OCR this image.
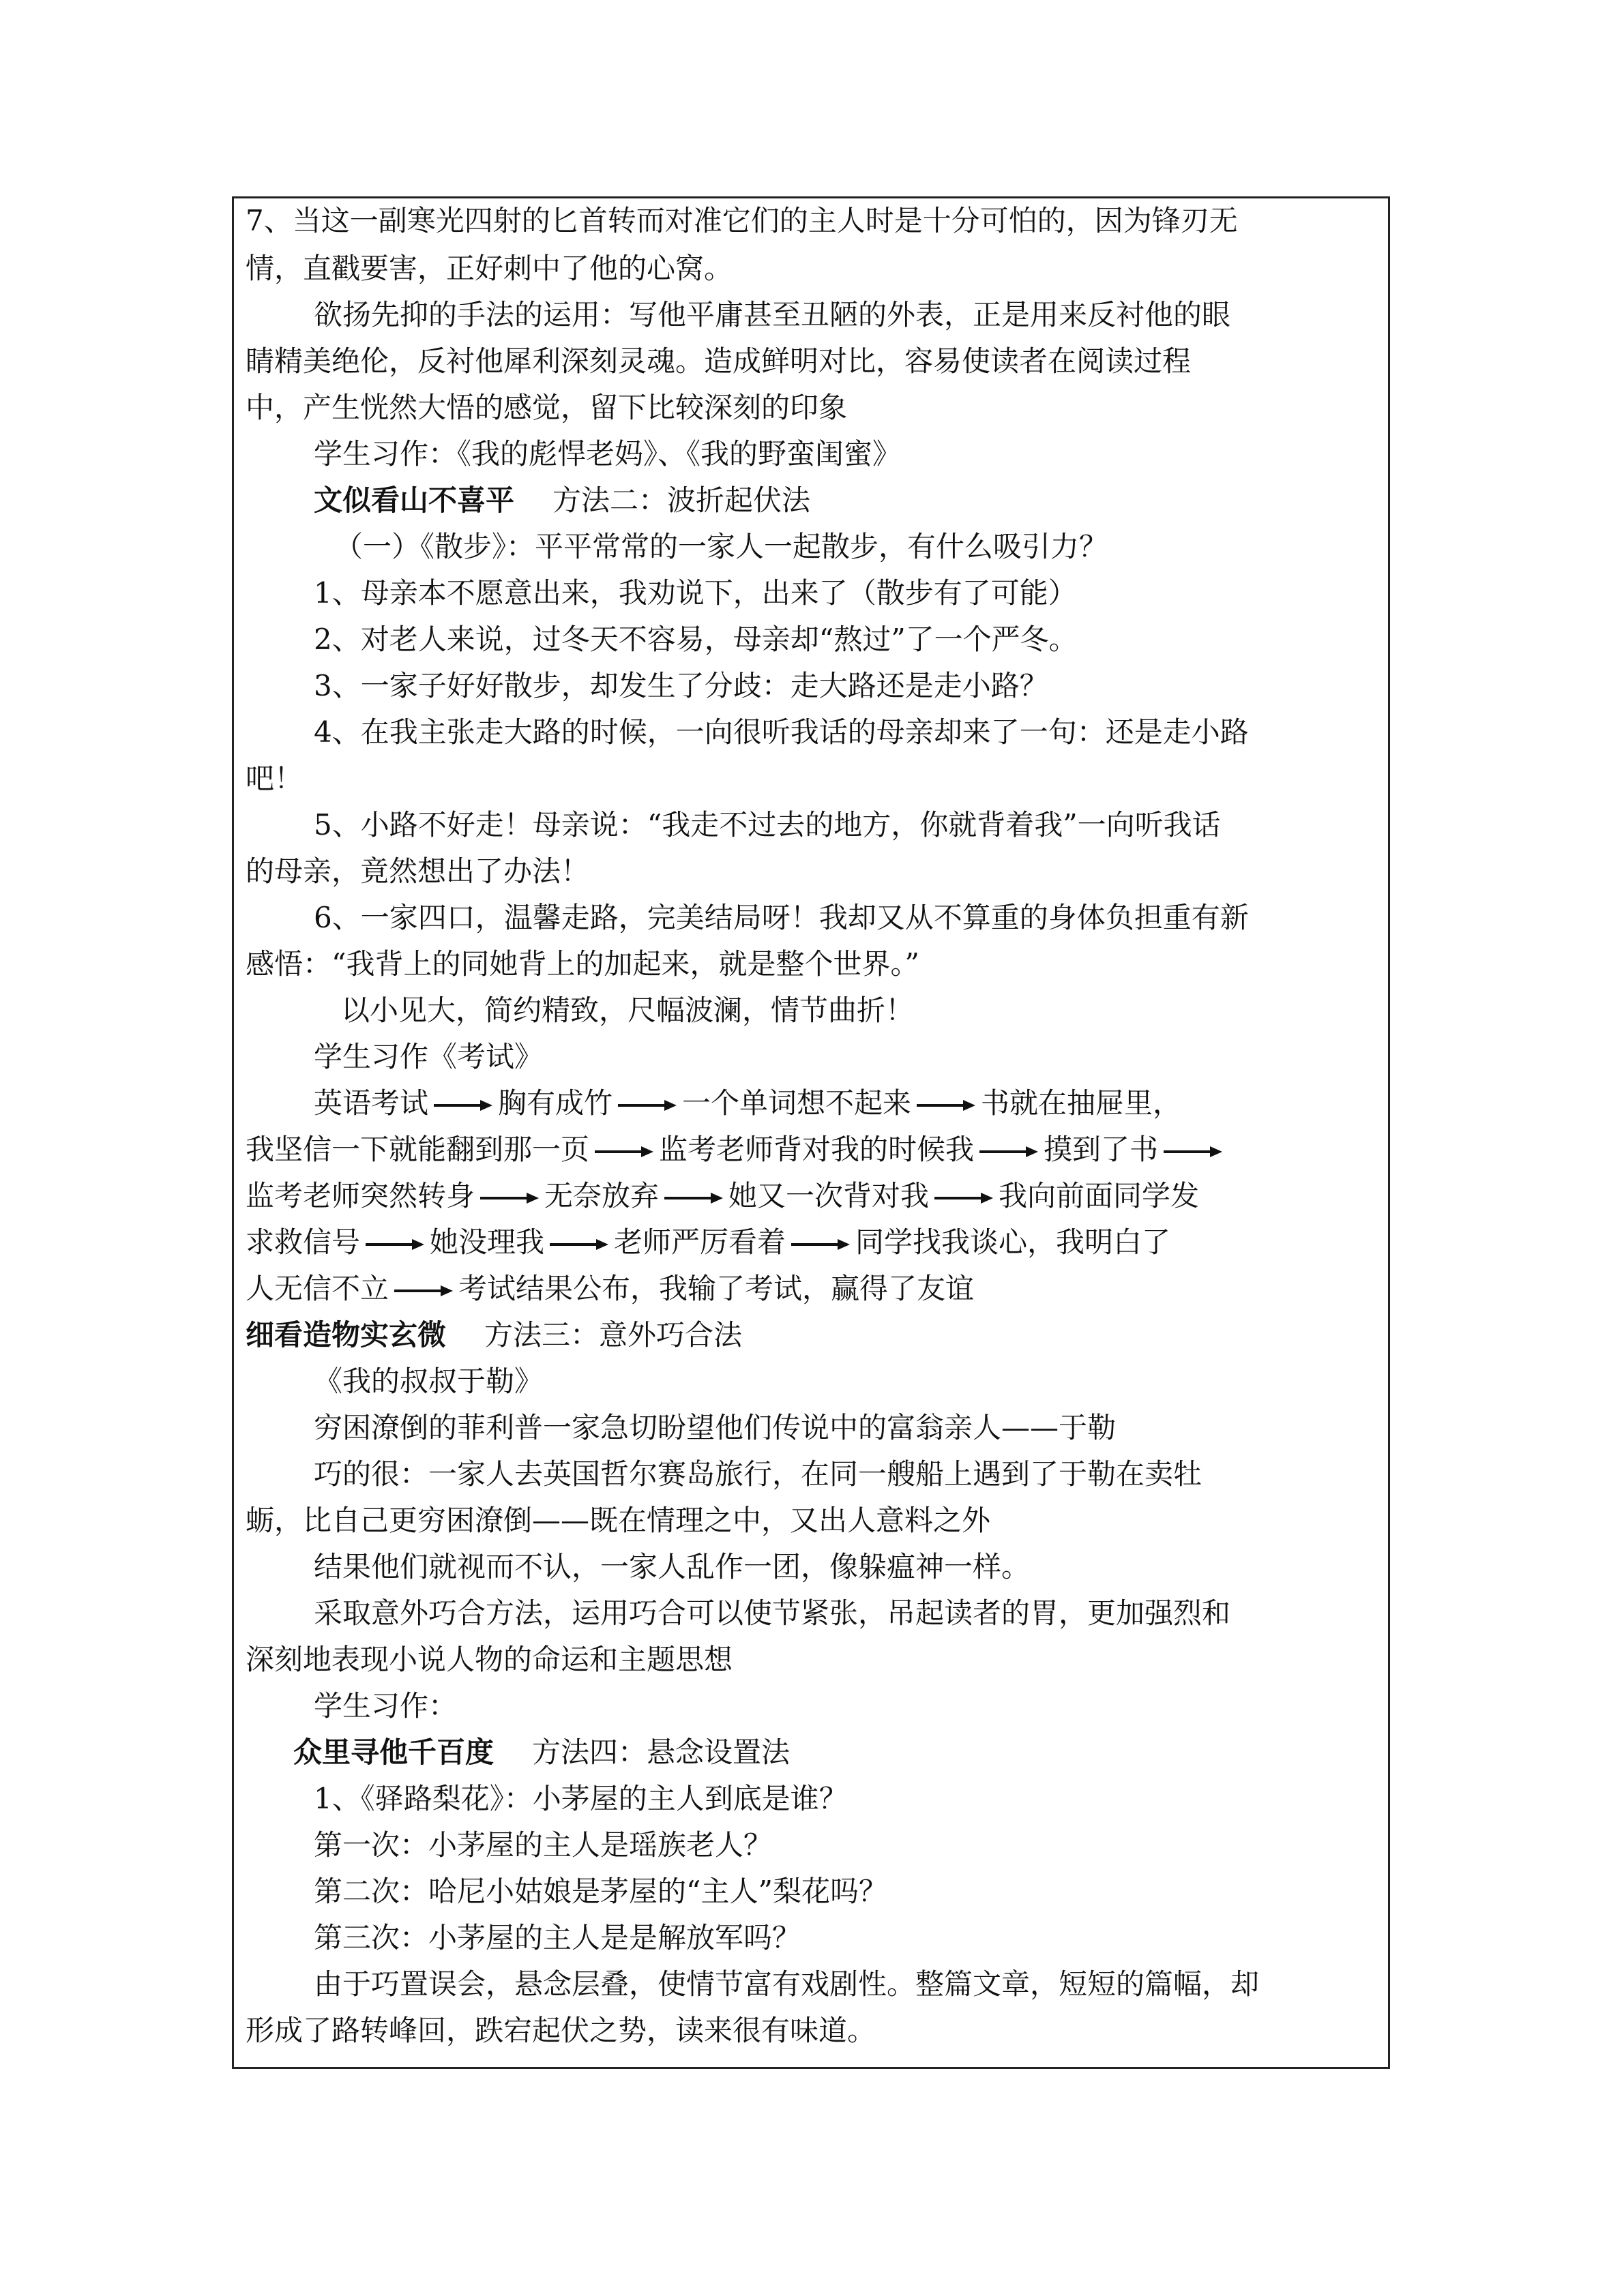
7、当这一副寒光四射的匕首转而对准它们的主人时是十分可怕的，因为锋刃无
情，直戳要害，正好刺中了他的心窝。
欲扬先抑的手法的运用：写他平庸甚至丑陋的外表，正是用来反衬他的眼
睛精美绝伦，反衬他犀利深刻灵魂。造成鲜明对比，容易使读者在阅读过程
中，产生恍然大悟的感觉，留下比较深刻的印象
学生习作：《我的彪悍老妈》、《我的野蛮闺蜜》
文似看山不喜平 方法二：波折起伏法
（一）《散步》：平平常常的一家人一起散步，有什么吸引力？
1、母亲本不愿意出来，我劝说下，出来了（散步有了可能）
2、对老人来说，过冬天不容易，母亲却“熬过”了一个严冬。
3、一家子好好散步，却发生了分歧：走大路还是走小路？
4、在我主张走大路的时候，一向很听我话的母亲却来了一句：还是走小路
吧！
5、小路不好走！母亲说：“我走不过去的地方，你就背着我”一向听我话
的母亲，竟然想出了办法！
6、一家四口，温馨走路，完美结局呀！我却又从不算重的身体负担重有新
感悟：“我背上的同她背上的加起来，就是整个世界。”
以小见大，简约精致，尺幅波澜，情节曲折！
学生习作《考试》
英语考试 胸有成竹 一个单词想不起来 书就在抽屉里，
我坚信一下就能翻到那一页 监考老师背对我的时候我 摸到了书
监考老师突然转身 无奈放弃 她又一次背对我 我向前面同学发
求救信号 她没理我 老师严厉看着 同学找我谈心，我明白了
人无信不立 考试结果公布，我输了考试，赢得了友谊
细看造物实玄微 方法三：意外巧合法
《我的叔叔于勒》
穷困潦倒的菲利普一家急切盼望他们传说中的富翁亲人——于勒
巧的很：一家人去英国哲尔赛岛旅行，在同一艘船上遇到了于勒在卖牡
蛎，比自己更穷困潦倒——既在情理之中，又出人意料之外
结果他们就视而不认，一家人乱作一团，像躲瘟神一样。
采取意外巧合方法，运用巧合可以使节紧张，吊起读者的胃，更加强烈和
深刻地表现小说人物的命运和主题思想
学生习作：
众里寻他千百度 方法四：悬念设置法
1、《驿路梨花》：小茅屋的主人到底是谁？
第一次：小茅屋的主人是瑶族老人？
第二次：哈尼小姑娘是茅屋的“主人”梨花吗？
第三次：小茅屋的主人是是解放军吗？
由于巧置误会，悬念层叠，使情节富有戏剧性。整篇文章，短短的篇幅，却
形成了路转峰回，跌宕起伏之势，读来很有味道。
